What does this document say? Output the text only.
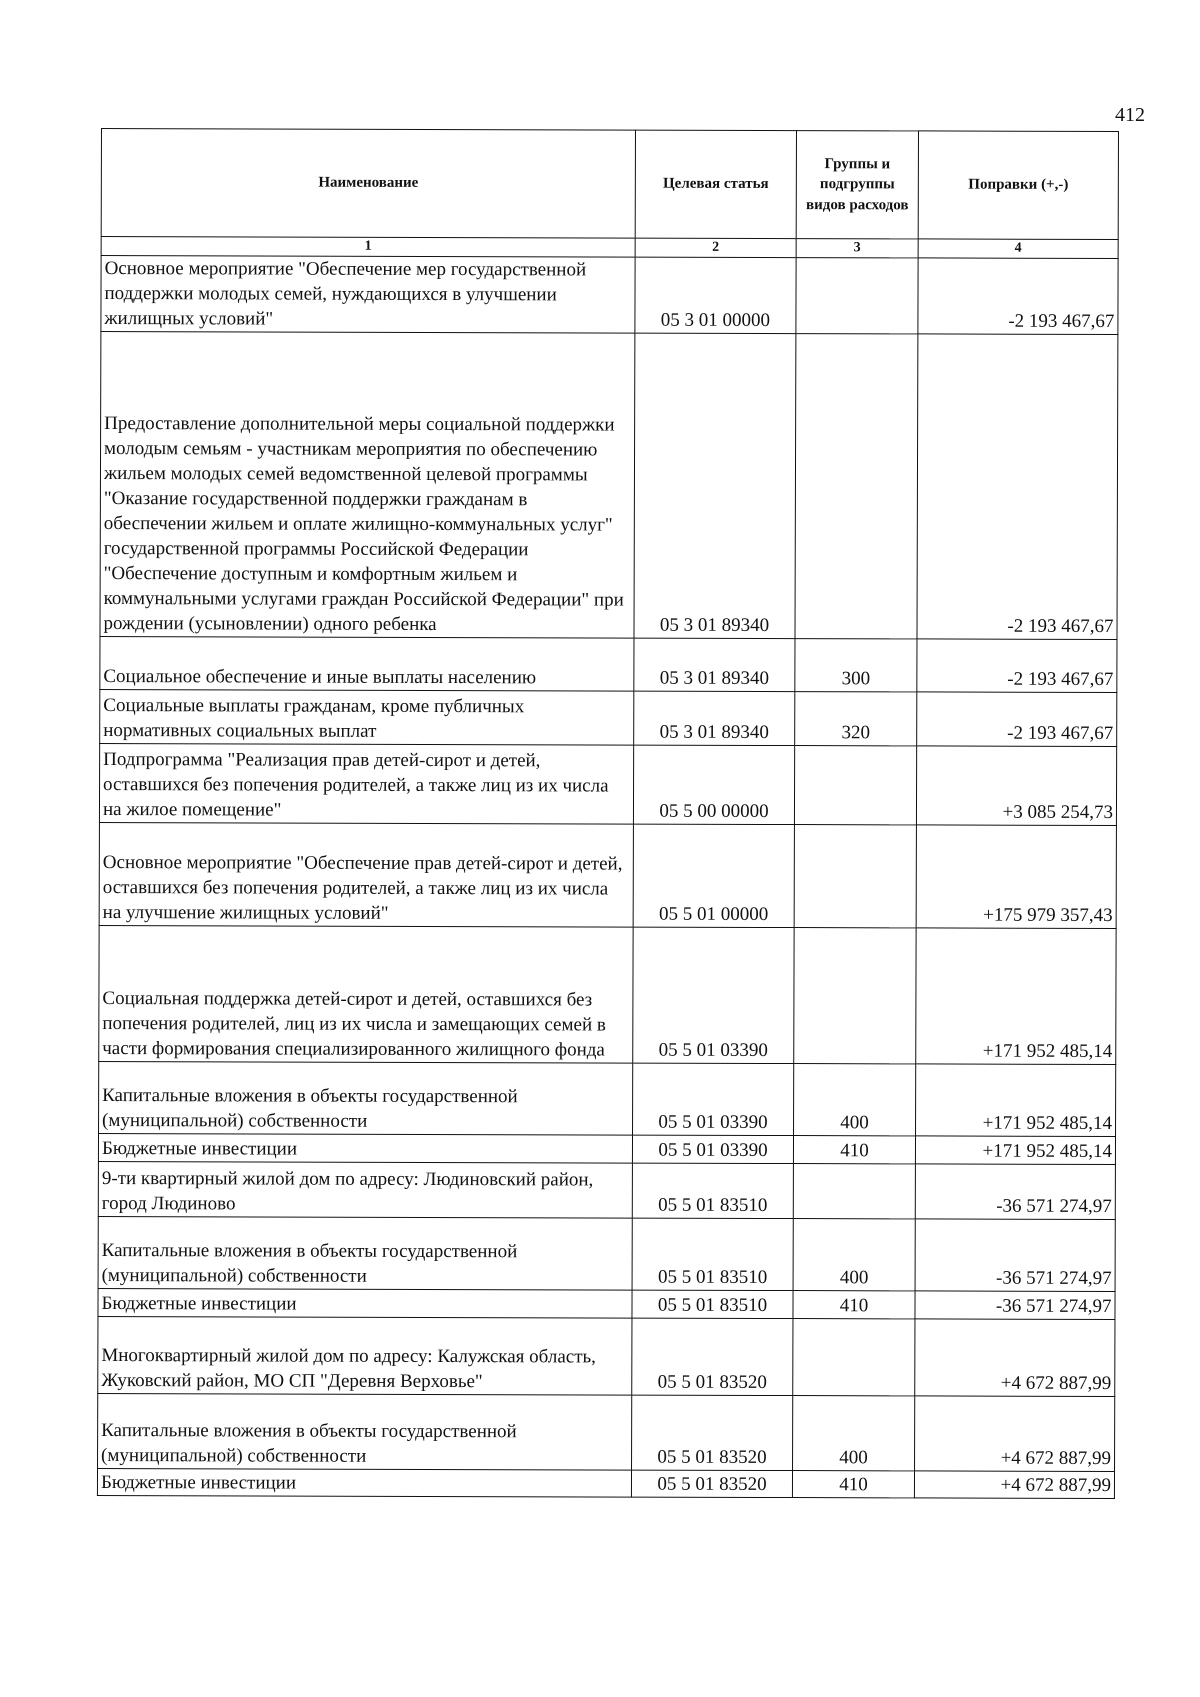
412
Наименование	Целевая статья	Группы и подгруппы видов расходов	Поправки (+,-)
1	2	3	4
Основное мероприятие "Обеспечение мер государственной поддержки молодых семей, нуждающихся в улучшении жилищных условий"	05 3 01 00000		-2 193 467,67
Предоставление дополнительной меры социальной поддержки молодым семьям - участникам мероприятия по обеспечению жильем молодых семей ведомственной целевой программы "Оказание государственной поддержки гражданам в обеспечении жильем и оплате жилищно-коммунальных услуг" государственной программы Российской Федерации "Обеспечение доступным и комфортным жильем и коммунальными услугами граждан Российской Федерации" при рождении (усыновлении) одного ребенка	05 3 01 89340		-2 193 467,67
Социальное обеспечение и иные выплаты населению	05 3 01 89340	300	-2 193 467,67
Социальные выплаты гражданам, кроме публичных нормативных социальных выплат	05 3 01 89340	320	-2 193 467,67
Подпрограмма "Реализация прав детей-сирот и детей, оставшихся без попечения родителей, а также лиц из их числа на жилое помещение"	05 5 00 00000		+3 085 254,73
Основное мероприятие "Обеспечение прав детей-сирот и детей, оставшихся без попечения родителей, а также лиц из их числа на улучшение жилищных условий"	05 5 01 00000		+175 979 357,43
Социальная поддержка детей-сирот и детей, оставшихся без попечения родителей, лиц из их числа и замещающих семей в части формирования специализированного жилищного фонда	05 5 01 03390		+171 952 485,14
Капитальные вложения в объекты государственной (муниципальной) собственности	05 5 01 03390	400	+171 952 485,14
Бюджетные инвестиции	05 5 01 03390	410	+171 952 485,14
9-ти квартирный жилой дом по адресу: Людиновский район, город Людиново	05 5 01 83510		-36 571 274,97
Капитальные вложения в объекты государственной (муниципальной) собственности	05 5 01 83510	400	-36 571 274,97
Бюджетные инвестиции	05 5 01 83510	410	-36 571 274,97
Многоквартирный жилой дом по адресу: Калужская область, Жуковский район, МО СП "Деревня Верховье"	05 5 01 83520		+4 672 887,99
Капитальные вложения в объекты государственной (муниципальной) собственности	05 5 01 83520	400	+4 672 887,99
Бюджетные инвестиции	05 5 01 83520	410	+4 672 887,99
